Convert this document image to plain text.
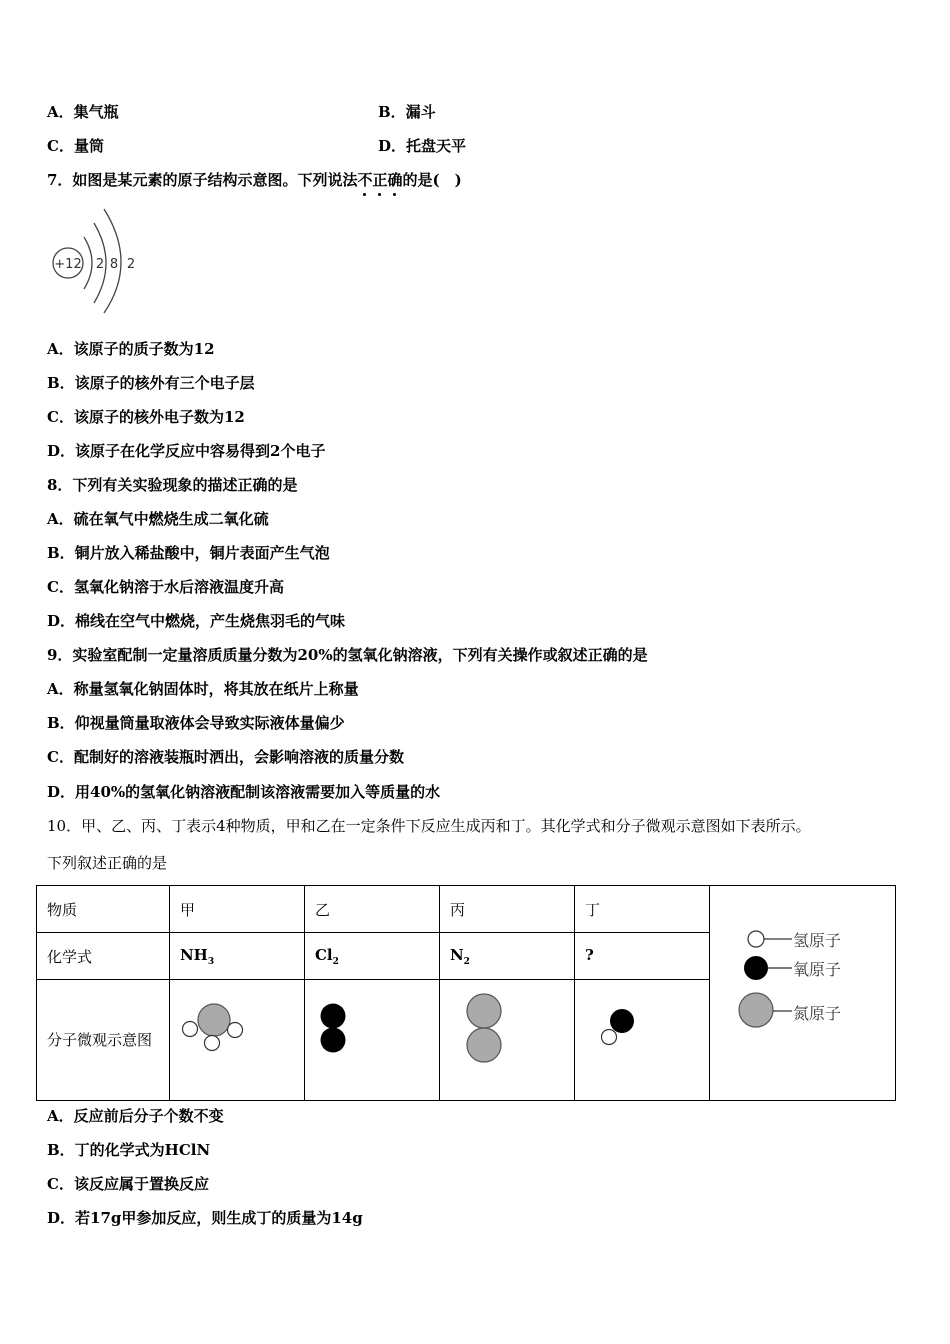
A．集气瓶	B．漏斗
C．量筒	D．托盘天平
7．如图是某元素的原子结构示意图。下列说法不正确的是(　)
+12 2 8 2
A．该原子的质子数为12
B．该原子的核外有三个电子层
C．该原子的核外电子数为12
D．该原子在化学反应中容易得到2个电子
8．下列有关实验现象的描述正确的是
A．硫在氧气中燃烧生成二氧化硫
B．铜片放入稀盐酸中，铜片表面产生气泡
C．氢氧化钠溶于水后溶液温度升高
D．棉线在空气中燃烧，产生烧焦羽毛的气味
9．实验室配制一定量溶质质量分数为20%的氢氧化钠溶液，下列有关操作或叙述正确的是
A．称量氢氧化钠固体时，将其放在纸片上称量
B．仰视量筒量取液体会导致实际液体量偏少
C．配制好的溶液装瓶时洒出，会影响溶液的质量分数
D．用40%的氢氧化钠溶液配制该溶液需要加入等质量的水
10．甲、乙、丙、丁表示4种物质，甲和乙在一定条件下反应生成丙和丁。其化学式和分子微观示意图如下表所示。
下列叙述正确的是
物质	甲	乙	丙	丁	氢原子
氧原子
氮原子

化学式	$NH_3$	$Cl_2$	$N_2$	?	
分子微观示意图	

A．反应前后分子个数不变
B．丁的化学式为HClN
C．该反应属于置换反应
D．若17g甲参加反应，则生成丁的质量为14g
